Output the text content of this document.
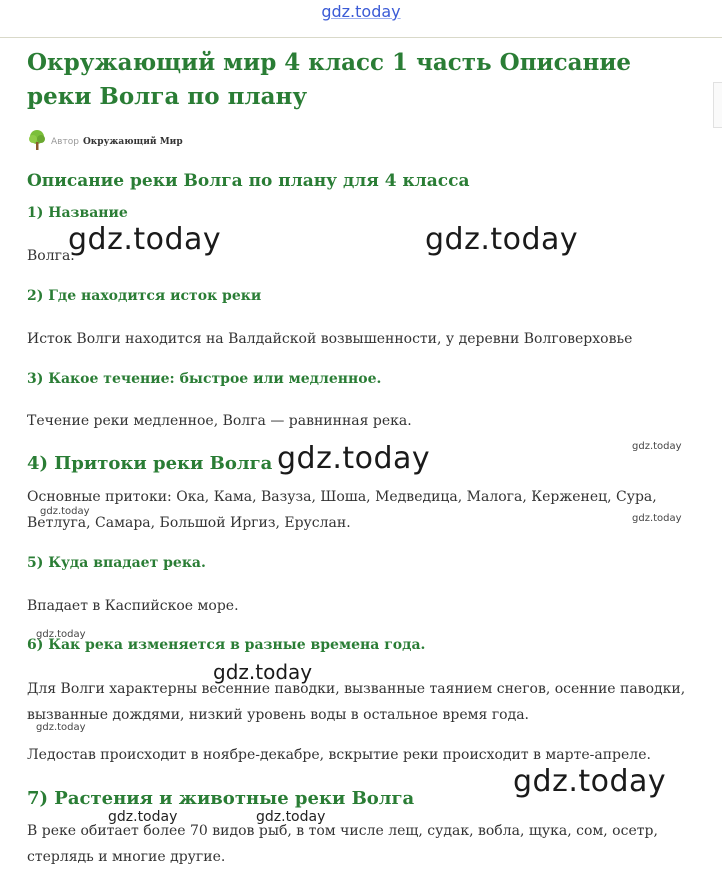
gdz.today
Окружающий мир 4 класс 1 часть Описание реки Волга по плану
Автор Окружающий Мир
Описание реки Волга по плану для 4 класса
1) Название

Волга.

2) Где находится исток реки

Исток Волги находится на Валдайской возвышенности, у деревни Волговерховье

3) Какое течение: быстрое или медленное.

Течение реки медленное, Волга — равнинная река.

4) Притоки реки Волга

Основные притоки: Ока, Кама, Вазуза, Шоша, Медведица, Малога, Керженец, Сура, Ветлуга, Самара, Большой Иргиз, Еруслан.

5) Куда впадает река.

Впадает в Каспийское море.

6) Как река изменяется в разные времена года.

Для Волги характерны весенние паводки, вызванные таянием снегов, осенние паводки, вызванные дождями, низкий уровень воды в остальное время года.

Ледостав происходит в ноябре-декабре, вскрытие реки происходит в марте-апреле.

7) Растения и животные реки Волга

В реке обитает более 70 видов рыб, в том числе лещ, судак, вобла, щука, сом, осетр, стерлядь и многие другие.

gdz.today	gdz.today
gdz.today
gdz.today
gdz.today
gdz.today	gdz.today
gdz.today
gdz.today
gdz.today
gdz.today
gdz.today
